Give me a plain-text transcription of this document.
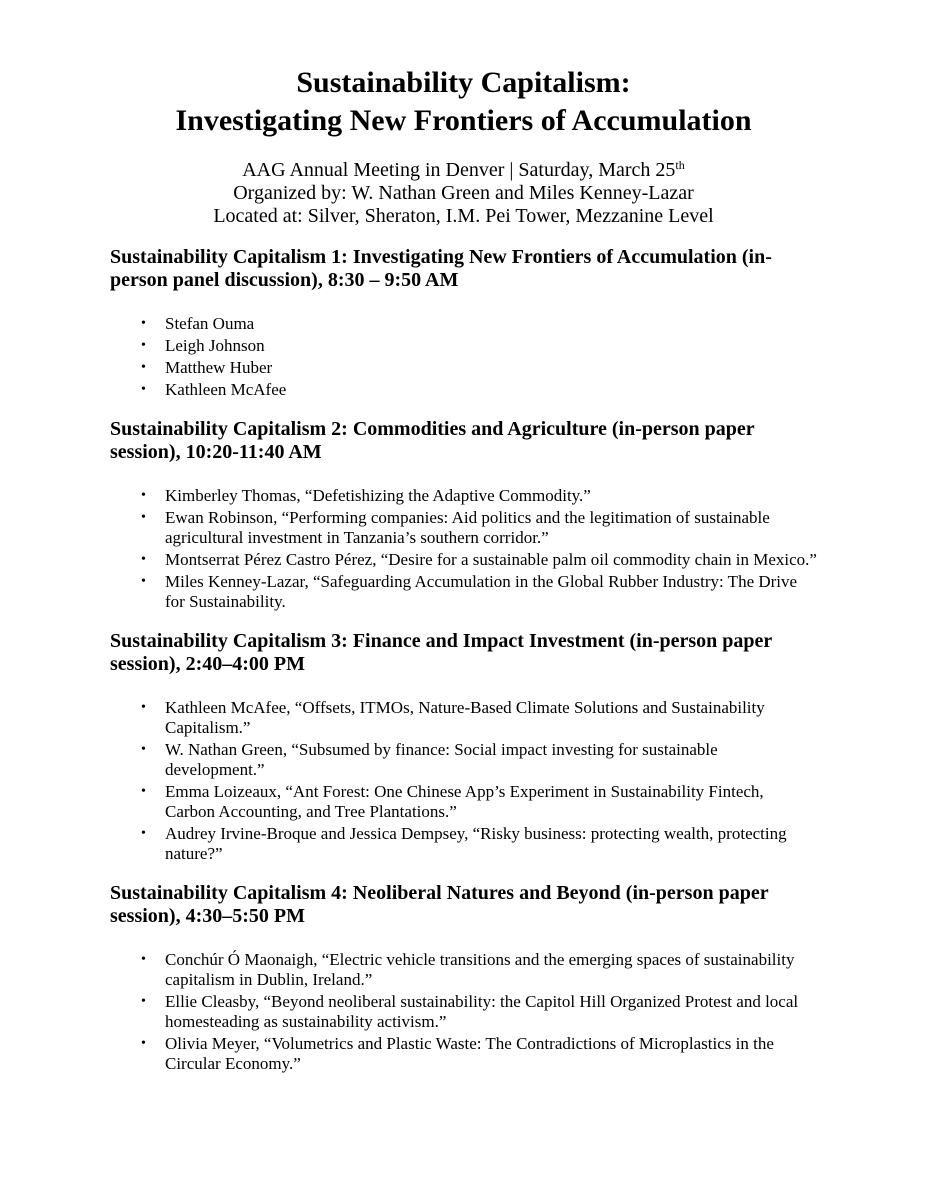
Sustainability Capitalism:
Investigating New Frontiers of Accumulation
AAG Annual Meeting in Denver | Saturday, March 25th
Organized by: W. Nathan Green and Miles Kenney-Lazar
Located at: Silver, Sheraton, I.M. Pei Tower, Mezzanine Level
Sustainability Capitalism 1: Investigating New Frontiers of Accumulation (in-person panel discussion), 8:30 – 9:50 AM
• Stefan Ouma
• Leigh Johnson
• Matthew Huber
• Kathleen McAfee
Sustainability Capitalism 2: Commodities and Agriculture (in-person paper session), 10:20-11:40 AM
• Kimberley Thomas, “Defetishizing the Adaptive Commodity.”
• Ewan Robinson, “Performing companies: Aid politics and the legitimation of sustainable agricultural investment in Tanzania’s southern corridor.”
• Montserrat Pérez Castro Pérez, “Desire for a sustainable palm oil commodity chain in Mexico.”
• Miles Kenney-Lazar, “Safeguarding Accumulation in the Global Rubber Industry: The Drive for Sustainability.
Sustainability Capitalism 3: Finance and Impact Investment (in-person paper session), 2:40–4:00 PM
• Kathleen McAfee, “Offsets, ITMOs, Nature-Based Climate Solutions and Sustainability Capitalism.”
• W. Nathan Green, “Subsumed by finance: Social impact investing for sustainable development.”
• Emma Loizeaux, “Ant Forest: One Chinese App’s Experiment in Sustainability Fintech, Carbon Accounting, and Tree Plantations.”
• Audrey Irvine-Broque and Jessica Dempsey, “Risky business: protecting wealth, protecting nature?”
Sustainability Capitalism 4: Neoliberal Natures and Beyond (in-person paper session), 4:30–5:50 PM
• Conchúr Ó Maonaigh, “Electric vehicle transitions and the emerging spaces of sustainability capitalism in Dublin, Ireland.”
• Ellie Cleasby, “Beyond neoliberal sustainability: the Capitol Hill Organized Protest and local homesteading as sustainability activism.”
• Olivia Meyer, “Volumetrics and Plastic Waste: The Contradictions of Microplastics in the Circular Economy.”
